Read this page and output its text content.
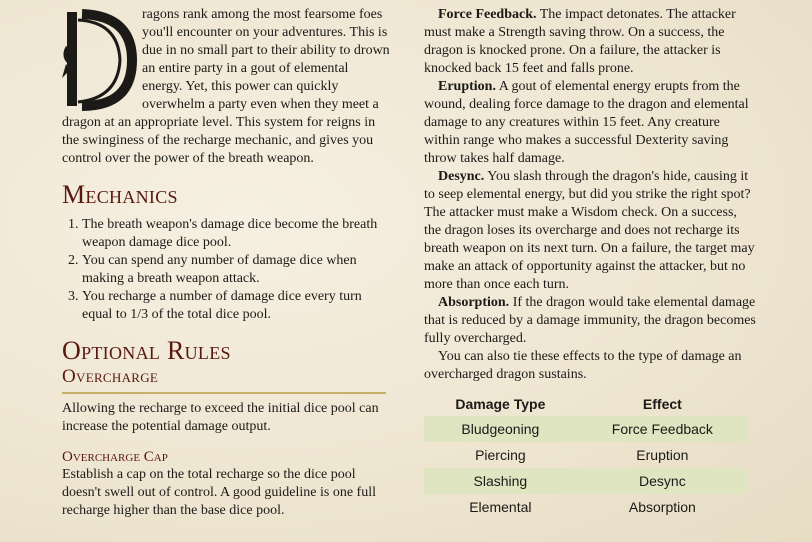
ragons rank among the most fearsome foes you'll encounter on your adventures. This is due in no small part to their ability to drown an entire party in a gout of elemental energy. Yet, this power can quickly overwhelm a party even when they meet a dragon at an appropriate level. This system for reigns in the swinginess of the recharge mechanic, and gives you control over the power of the breath weapon.

Mechanics
1. The breath weapon's damage dice become the breath weapon damage dice pool.
2. You can spend any number of damage dice when making a breath weapon attack.
3. You recharge a number of damage dice every turn equal to 1/3 of the total dice pool.
Optional Rules
Overcharge

Allowing the recharge to exceed the initial dice pool can increase the potential damage output.

Overcharge Cap

Establish a cap on the total recharge so the dice pool doesn't swell out of control. A good guideline is one full recharge higher than the base dice pool.

Force Feedback. The impact detonates. The attacker must make a Strength saving throw. On a success, the dragon is knocked prone. On a failure, the attacker is knocked back 15 feet and falls prone.

Eruption. A gout of elemental energy erupts from the wound, dealing force damage to the dragon and elemental damage to any creatures within 15 feet. Any creature within range who makes a successful Dexterity saving throw takes half damage.

Desync. You slash through the dragon's hide, causing it to seep elemental energy, but did you strike the right spot? The attacker must make a Wisdom check. On a success, the dragon loses its overcharge and does not recharge its breath weapon on its next turn. On a failure, the target may make an attack of opportunity against the attacker, but no more than once each turn.

Absorption. If the dragon would take elemental damage that is reduced by a damage immunity, the dragon becomes fully overcharged.

You can also tie these effects to the type of damage an overcharged dragon sustains.

Damage Type	Effect
Bludgeoning	Force Feedback
Piercing	Eruption
Slashing	Desync
Elemental	Absorption
